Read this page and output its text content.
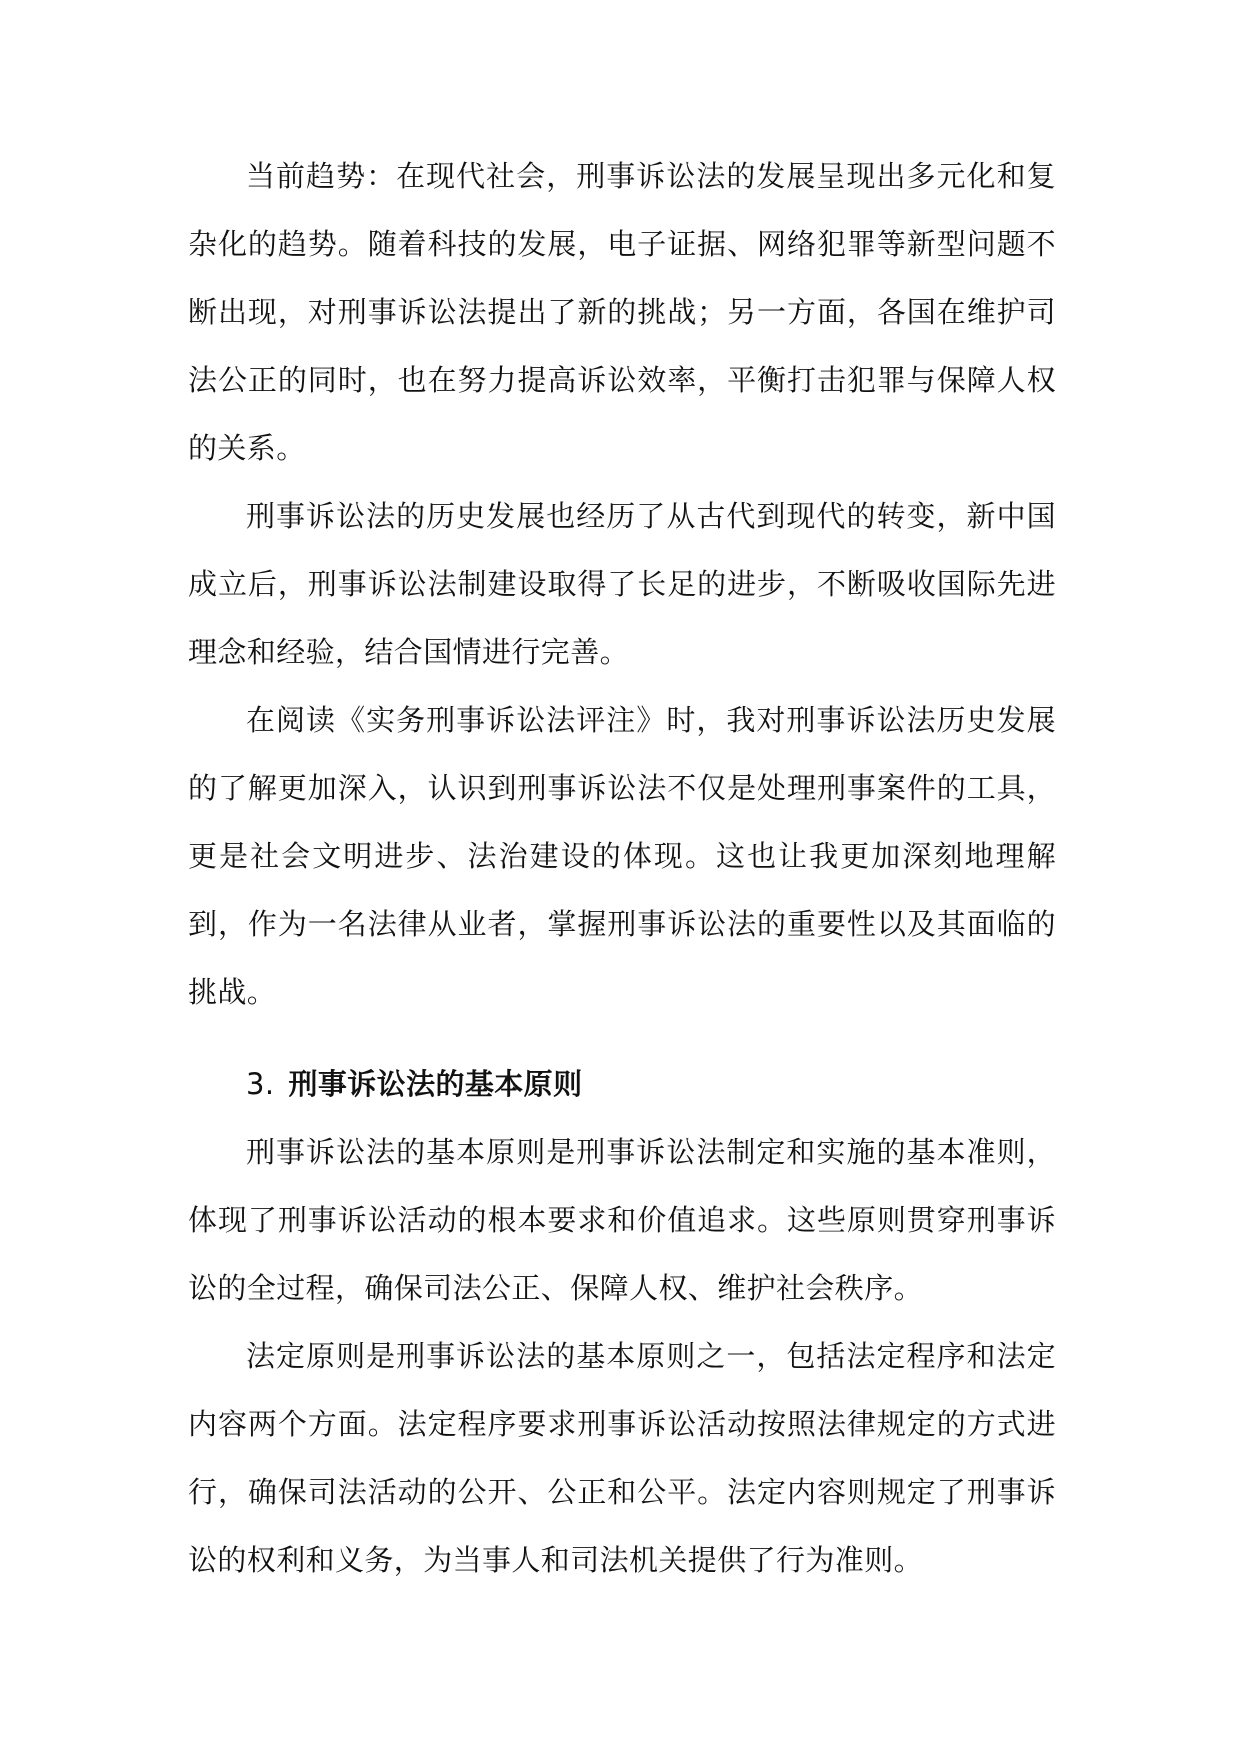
当前趋势：在现代社会，刑事诉讼法的发展呈现出多元化和复杂化的趋势。随着科技的发展，电子证据、网络犯罪等新型问题不断出现，对刑事诉讼法提出了新的挑战；另一方面，各国在维护司法公正的同时，也在努力提高诉讼效率，平衡打击犯罪与保障人权的关系。

刑事诉讼法的历史发展也经历了从古代到现代的转变，新中国成立后，刑事诉讼法制建设取得了长足的进步，不断吸收国际先进理念和经验，结合国情进行完善。

在阅读《实务刑事诉讼法评注》时，我对刑事诉讼法历史发展的了解更加深入，认识到刑事诉讼法不仅是处理刑事案件的工具，更是社会文明进步、法治建设的体现。这也让我更加深刻地理解到，作为一名法律从业者，掌握刑事诉讼法的重要性以及其面临的挑战。

3. 刑事诉讼法的基本原则

刑事诉讼法的基本原则是刑事诉讼法制定和实施的基本准则，体现了刑事诉讼活动的根本要求和价值追求。这些原则贯穿刑事诉讼的全过程，确保司法公正、保障人权、维护社会秩序。

法定原则是刑事诉讼法的基本原则之一，包括法定程序和法定内容两个方面。法定程序要求刑事诉讼活动按照法律规定的方式进行，确保司法活动的公开、公正和公平。法定内容则规定了刑事诉讼的权利和义务，为当事人和司法机关提供了行为准则。
